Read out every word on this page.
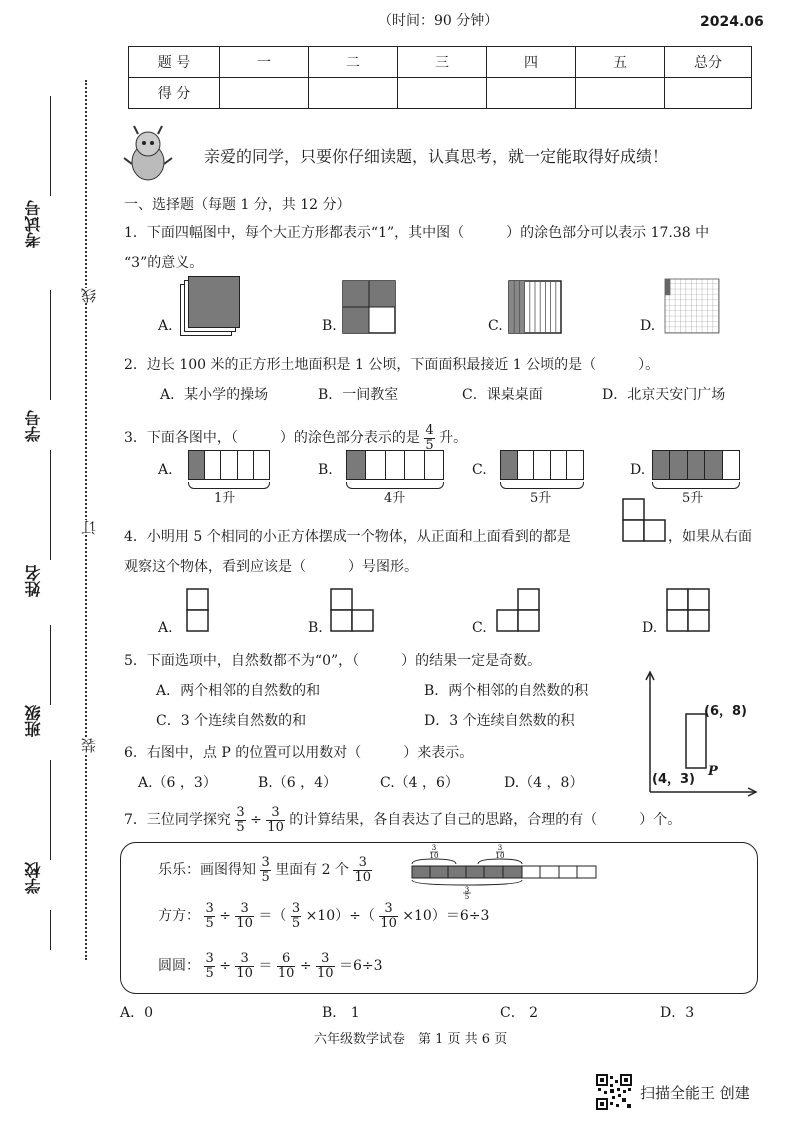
（时间：90 分钟）	2024.06
题 号	一	二	三	四	五	总分
得 分						
亲爱的同学，只要你仔细读题，认真思考，就一定能取得好成绩！
考试号
学号
姓名
班级
学校
线
订
装
一、选择题（每题 1 分，共 12 分）
1．下面四幅图中，每个大正方形都表示“1”，其中图（　　　）的涂色部分可以表示 17.38 中
“3”的意义。
A.	B.	C.	D.
2．边长 100 米的正方形土地面积是 1 公顷，下面面积最接近 1 公顷的是（　　　）。
A．某小学的操场	B．一间教室	C．课桌桌面	D．北京天安门广场
3．下面各图中，（　　　）的涂色部分表示的是 $\frac{4}{5}$ 升。
A.
1升
B.
4升
C.
5升
D.
5升
4．小明用 5 个相同的小正方体摆成一个物体，从正面和上面看到的都是	，如果从右面
观察这个物体，看到应该是（　　　）号图形。
A.	B.	C.	D.
5．下面选项中，自然数都不为“0”，（　　　）的结果一定是奇数。
A．两个相邻的自然数的和	B．两个相邻的自然数的积
C．3 个连续自然数的和	D．3 个连续自然数的积
(6，8)
(4，3)
P
6．右图中，点 P 的位置可以用数对（　　　）来表示。
A.（6 ，3）	B.（6 ，4）	C.（4 ，6）	D.（4 ，8）
7．三位同学探究 $\frac{3}{5} \div \frac{3}{10}$ 的计算结果，各自表达了自己的思路，合理的有（　　　）个。
乐乐：画图得知 $\frac{3}{5}$ 里面有 2 个 $\frac{3}{10}$
3
10
3
10
3
5
方方： $\frac{3}{5} \div \frac{3}{10}$ ＝（ $\frac{3}{5} \times 10)\div( \frac{3}{10} \times 10)=6\div 3$
圆圆： $\frac{3}{5} \div \frac{3}{10} = \frac{6}{10} \div \frac{3}{10} =6\div 3$
A．0	B． 1	C． 2	D．3
六年级数学试卷　第 1 页 共 6 页
扫描全能王 创建
